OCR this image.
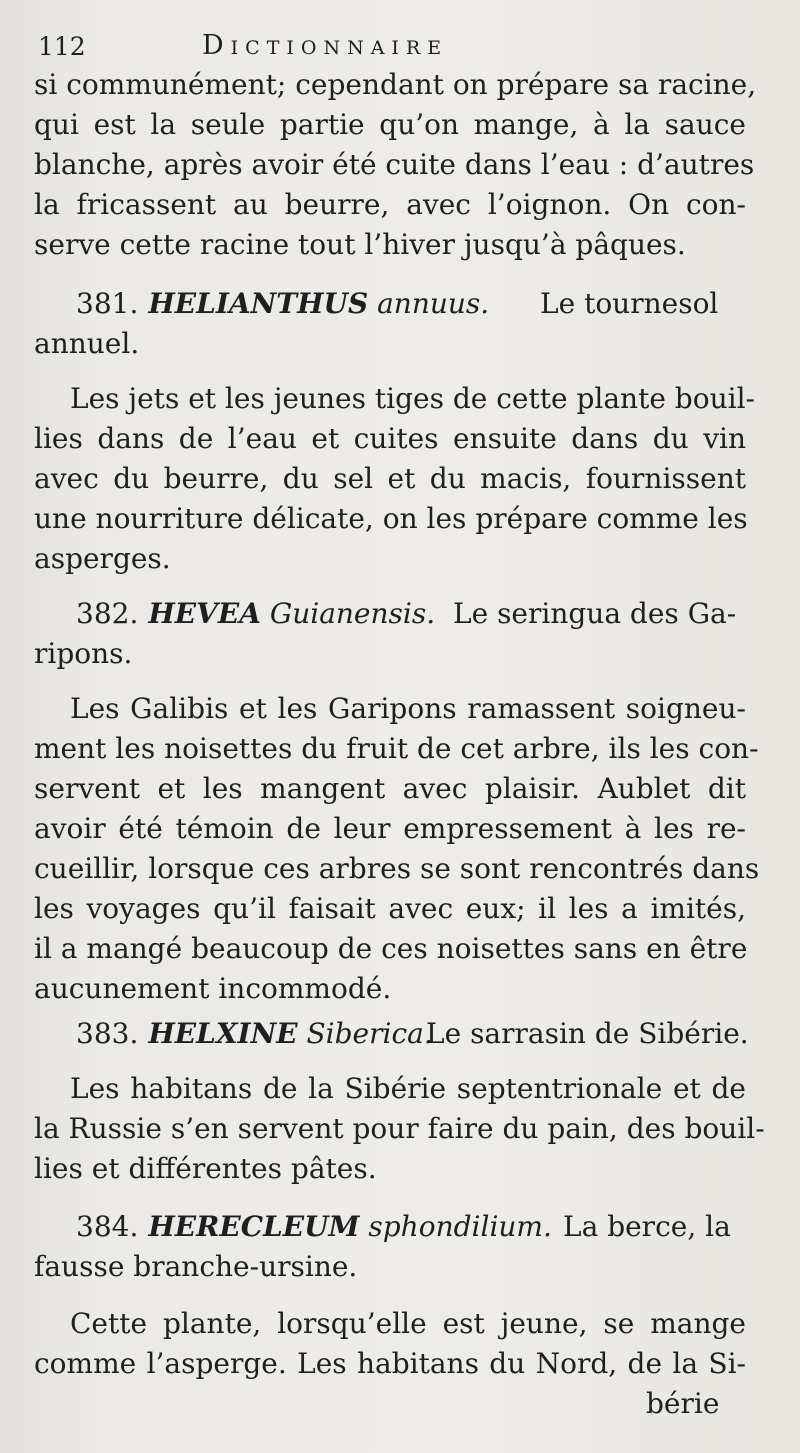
112	Dictionnaire
si communément; cependant on prépare sa racine,
qui est la seule partie qu’on mange, à la sauce
blanche, après avoir été cuite dans l’eau : d’autres
la fricassent au beurre, avec l’oignon. On con-
serve cette racine tout l’hiver jusqu’à pâques.
381. HELIANTHUS annuus. Le tournesol
annuel.
Les jets et les jeunes tiges de cette plante bouil-
lies dans de l’eau et cuites ensuite dans du vin
avec du beurre, du sel et du macis, fournissent
une nourriture délicate, on les prépare comme les
asperges.
382. HEVEA Guianensis. Le seringua des Ga-
ripons.
Les Galibis et les Garipons ramassent soigneu-
ment les noisettes du fruit de cet arbre, ils les con-
servent et les mangent avec plaisir. Aublet dit
avoir été témoin de leur empressement à les re-
cueillir, lorsque ces arbres se sont rencontrés dans
les voyages qu’il faisait avec eux; il les a imités,
il a mangé beaucoup de ces noisettes sans en être
aucunement incommodé.
383. HELXINE Siberica.
Le sarrasin de Sibérie.
Les habitans de la Sibérie septentrionale et de
la Russie s’en servent pour faire du pain, des bouil-
lies et différentes pâtes.
384. HERECLEUM sphondilium. La berce, la
fausse branche-ursine.
Cette plante, lorsqu’elle est jeune, se mange
comme l’asperge. Les habitans du Nord, de la Si-
bérie
